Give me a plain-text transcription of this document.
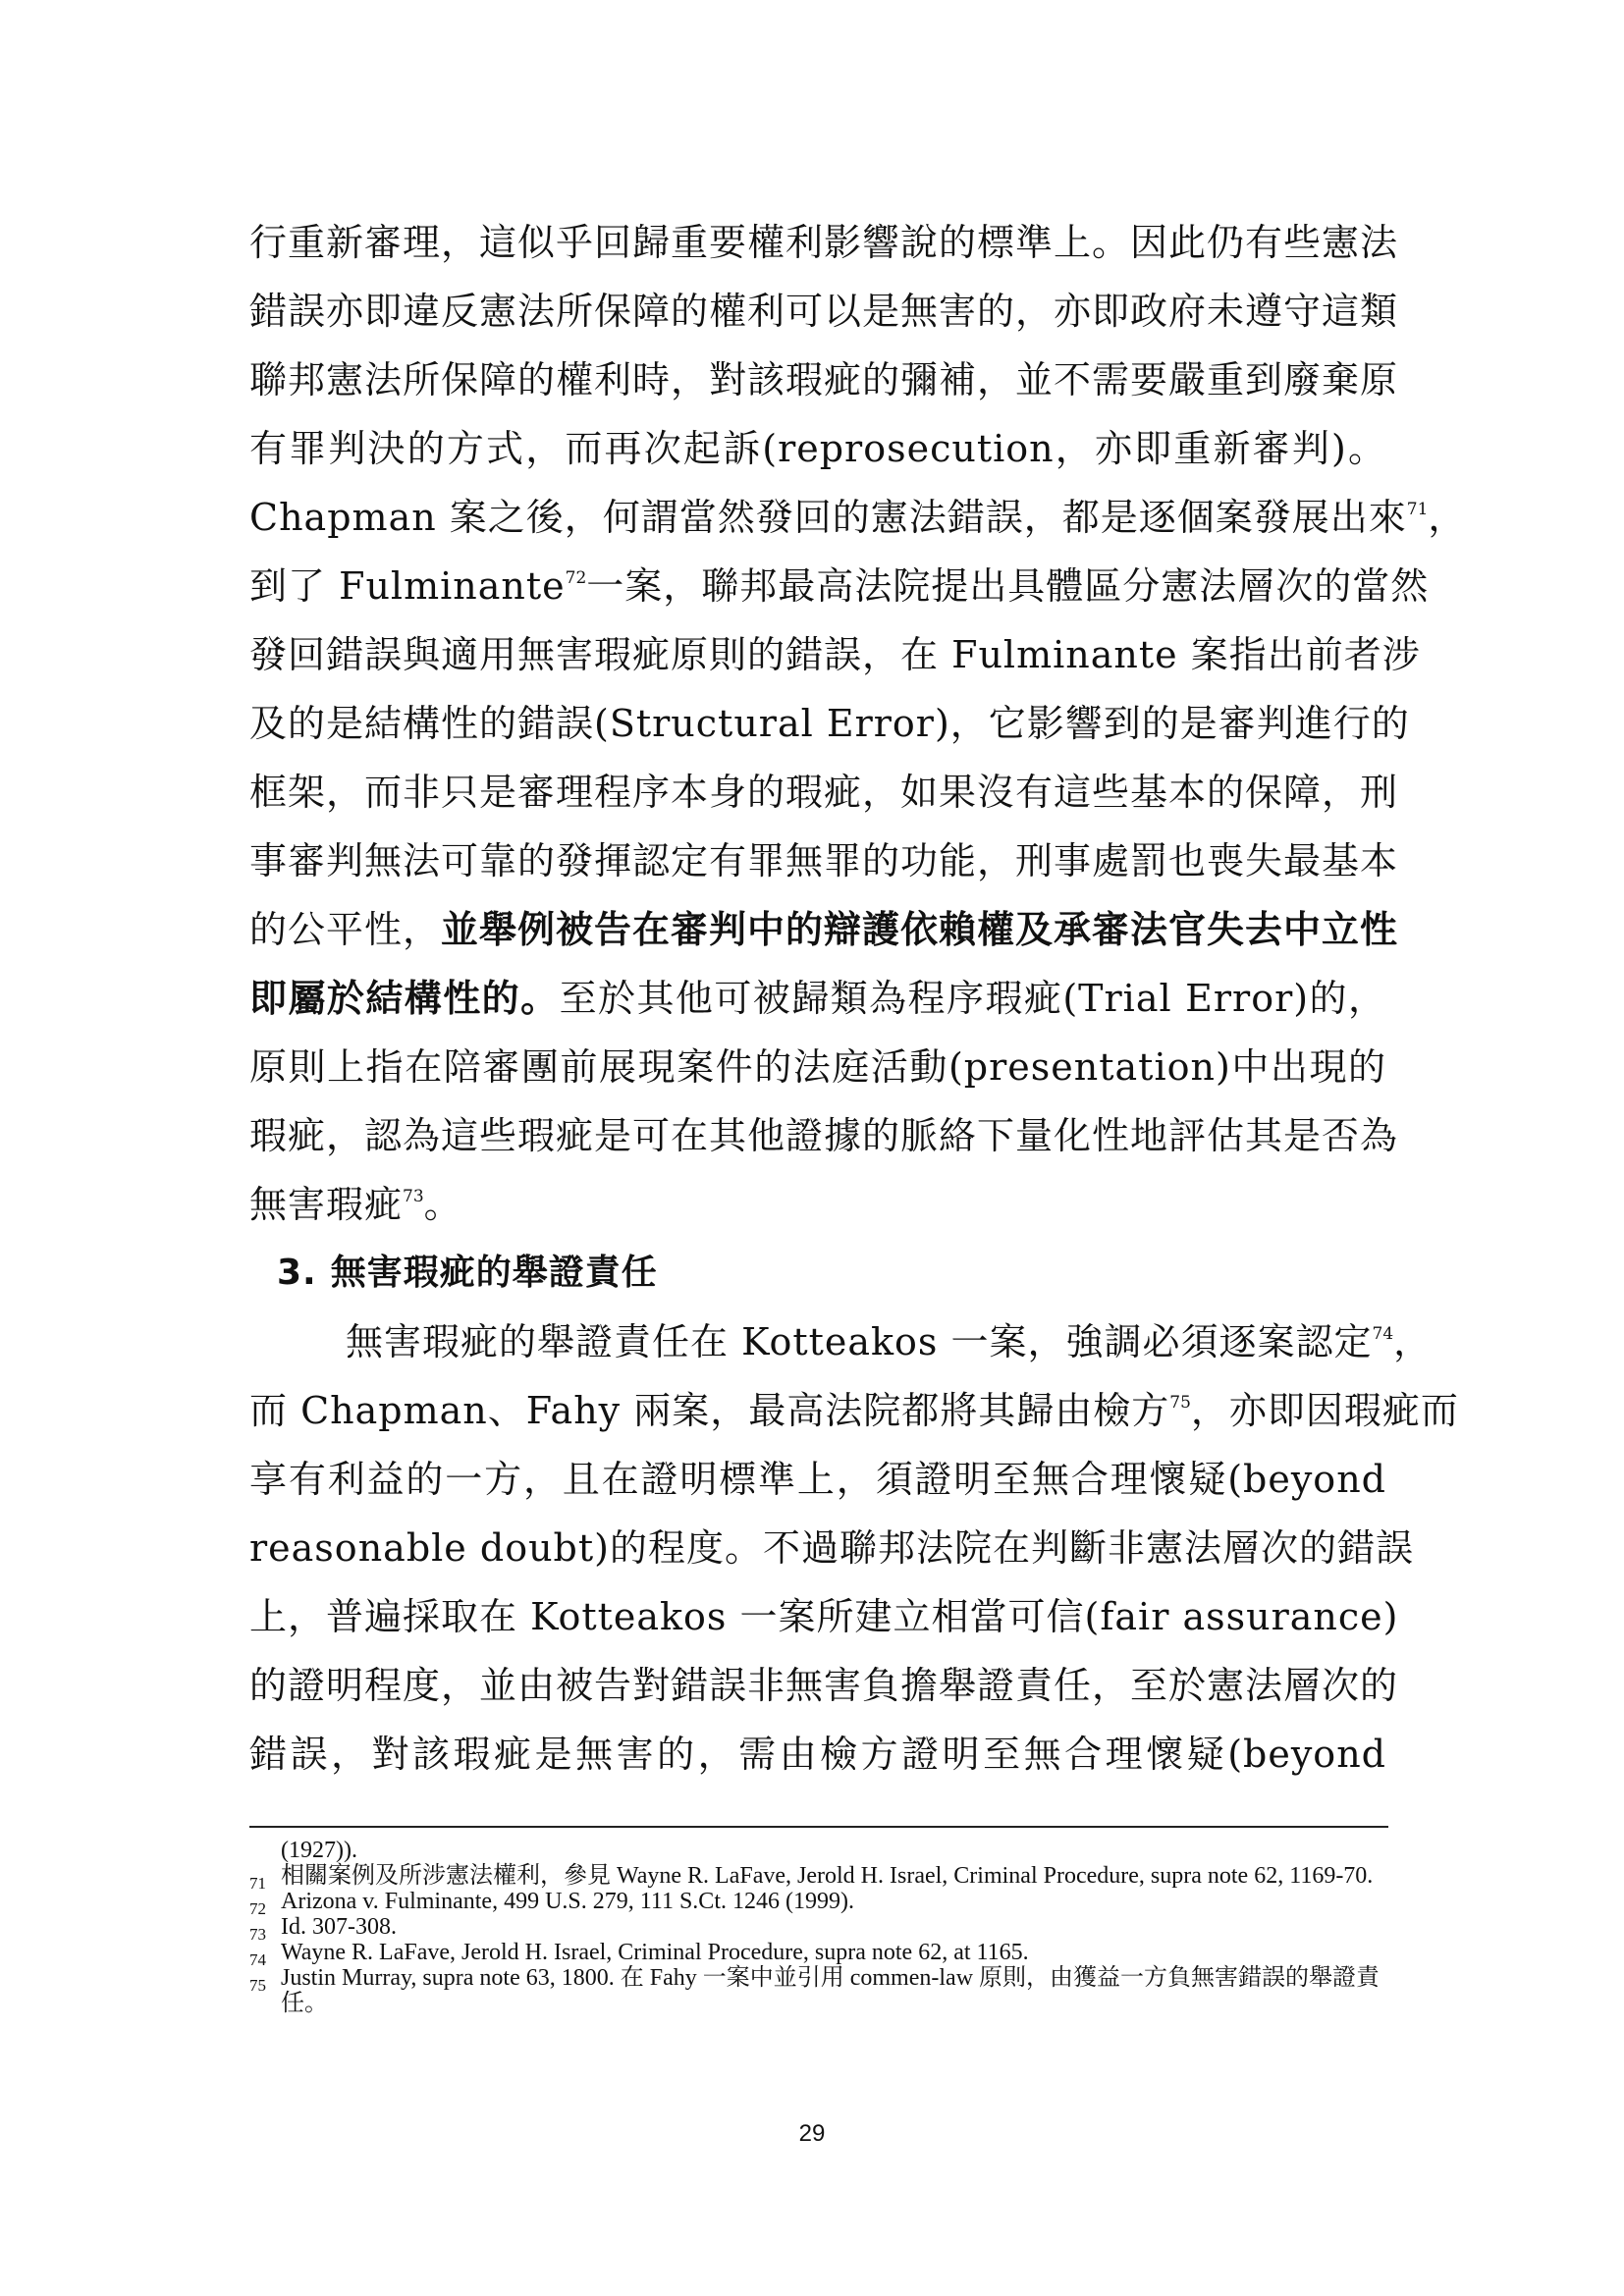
行重新審理，這似乎回歸重要權利影響說的標準上。因此仍有些憲法
錯誤亦即違反憲法所保障的權利可以是無害的，亦即政府未遵守這類
聯邦憲法所保障的權利時，對該瑕疵的彌補，並不需要嚴重到廢棄原
有罪判決的方式，而再次起訴(reprosecution，亦即重新審判)。
Chapman 案之後，何謂當然發回的憲法錯誤，都是逐個案發展出來$^{71}$，
到了 Fulminante$^{72}$一案，聯邦最高法院提出具體區分憲法層次的當然
發回錯誤與適用無害瑕疵原則的錯誤，在 Fulminante 案指出前者涉
及的是結構性的錯誤(Structural Error)，它影響到的是審判進行的
框架，而非只是審理程序本身的瑕疵，如果沒有這些基本的保障，刑
事審判無法可靠的發揮認定有罪無罪的功能，刑事處罰也喪失最基本
的公平性，並舉例被告在審判中的辯護依賴權及承審法官失去中立性
即屬於結構性的。至於其他可被歸類為程序瑕疵(Trial Error)的，
原則上指在陪審團前展現案件的法庭活動(presentation)中出現的
瑕疵，認為這些瑕疵是可在其他證據的脈絡下量化性地評估其是否為
無害瑕疵$^{73}$。
3. 無害瑕疵的舉證責任
無害瑕疵的舉證責任在 Kotteakos 一案，強調必須逐案認定$^{74}$，
而 Chapman、Fahy 兩案，最高法院都將其歸由檢方$^{75}$，亦即因瑕疵而
享有利益的一方，且在證明標準上，須證明至無合理懷疑(beyond
reasonable doubt)的程度。不過聯邦法院在判斷非憲法層次的錯誤
上，普遍採取在 Kotteakos 一案所建立相當可信(fair assurance)
的證明程度，並由被告對錯誤非無害負擔舉證責任，至於憲法層次的
錯誤，對該瑕疵是無害的，需由檢方證明至無合理懷疑(beyond
(1927)).
71 相關案例及所涉憲法權利，參見 Wayne R. LaFave, Jerold H. Israel, Criminal Procedure, supra note 62, 1169-70.
72 Arizona v. Fulminante, 499 U.S. 279, 111 S.Ct. 1246 (1999).
73 Id. 307-308.
74 Wayne R. LaFave, Jerold H. Israel, Criminal Procedure, supra note 62, at 1165.
75 Justin Murray, supra note 63, 1800. 在 Fahy 一案中並引用 commen-law 原則，由獲益一方負無害錯誤的舉證責任。
29
